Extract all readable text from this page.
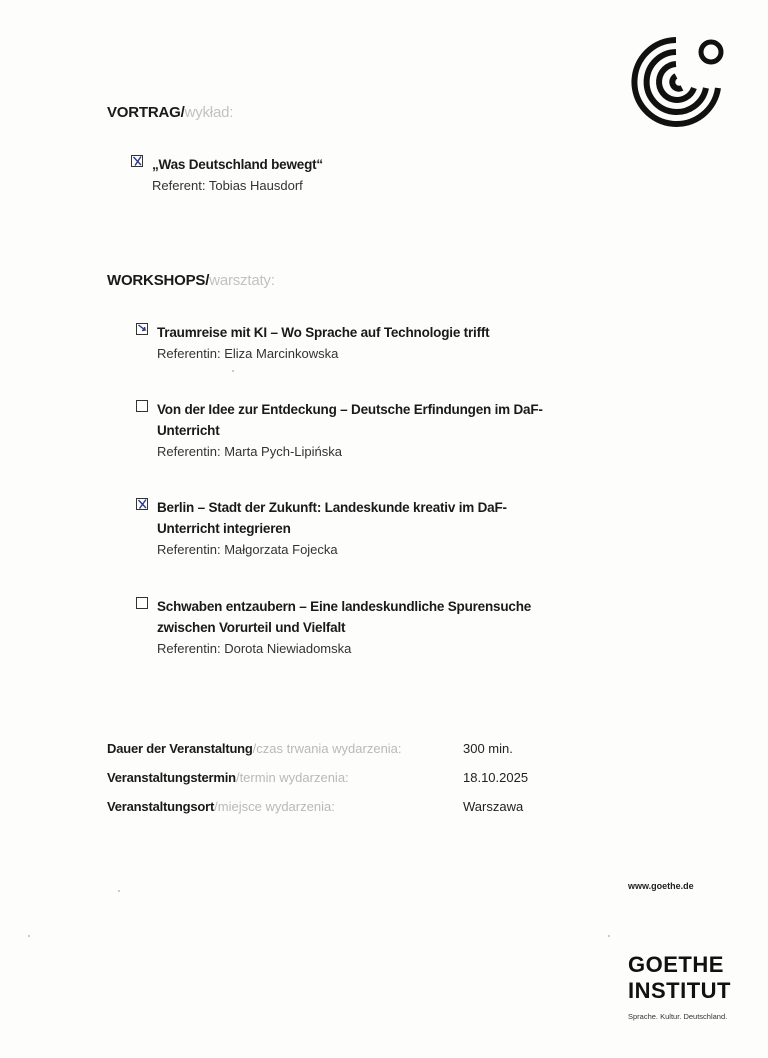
VORTRAG/wykład:
„Was Deutschland bewegt“
Referent: Tobias Hausdorf
WORKSHOPS/warsztaty:
Traumreise mit KI – Wo Sprache auf Technologie trifft
Referentin: Eliza Marcinkowska
Von der Idee zur Entdeckung – Deutsche Erfindungen im DaF-Unterricht
Referentin: Marta Pych-Lipińska
Berlin – Stadt der Zukunft: Landeskunde kreativ im DaF-Unterricht integrieren
Referentin: Małgorzata Fojecka
Schwaben entzaubern – Eine landeskundliche Spurensuche zwischen Vorurteil und Vielfalt
Referentin: Dorota Niewiadomska
Dauer der Veranstaltung/czas trwania wydarzenia:	300 min.
Veranstaltungstermin/termin wydarzenia:	18.10.2025
Veranstaltungsort/miejsce wydarzenia:	Warszawa
www.goethe.de
GOETHE
INSTITUT
Sprache. Kultur. Deutschland.
